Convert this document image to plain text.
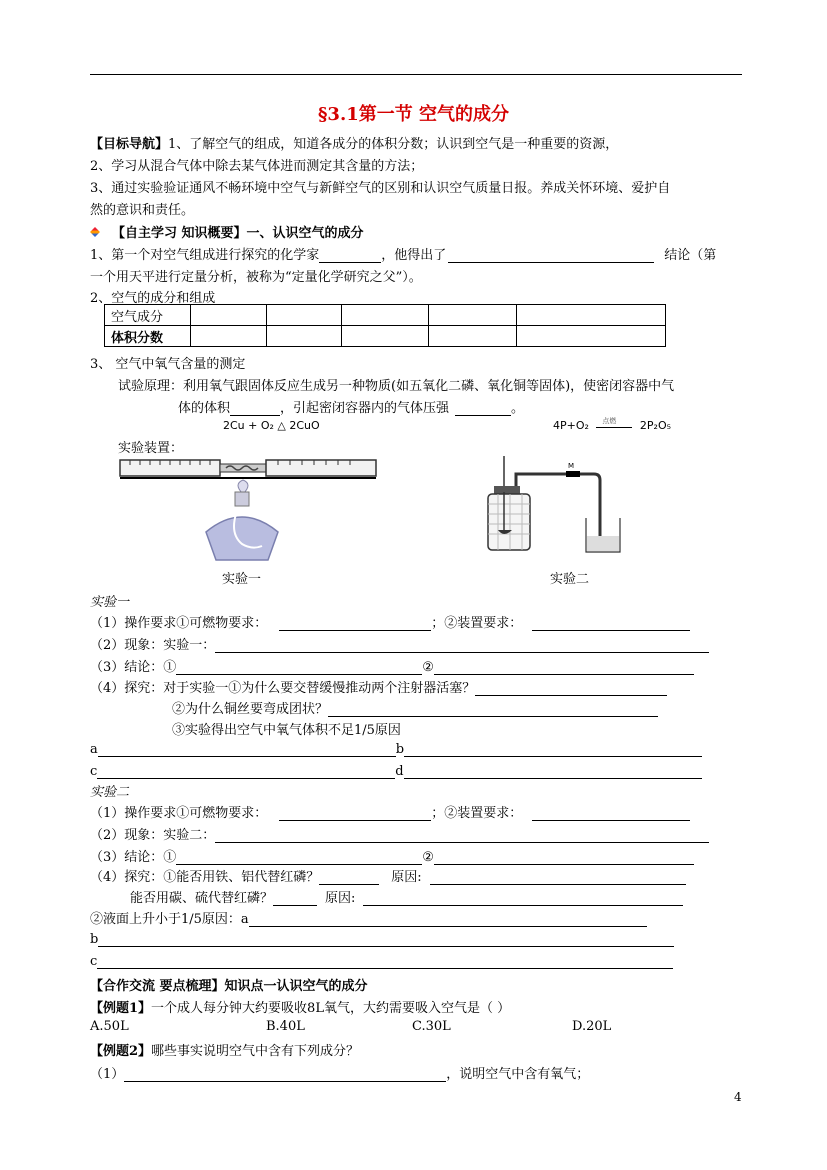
§3.1第一节 空气的成分
【目标导航】1、了解空气的组成，知道各成分的体积分数；认识到空气是一种重要的资源，
2、学习从混合气体中除去某气体进而测定其含量的方法；
3、通过实验验证通风不畅环境中空气与新鲜空气的区别和认识空气质量日报。养成关怀环境、爱护自
然的意识和责任。
【自主学习 知识概要】一、认识空气的成分
1、第一个对空气组成进行探究的化学家	，他得出了	结论（第
一个用天平进行定量分析，被称为“定量化学研究之父”）。
2、空气的成分和组成
空气成分					
体积分数					
3、 空气中氧气含量的测定
试验原理：利用氧气跟固体反应生成另一种物质(如五氧化二磷、氧化铜等固体)，使密闭容器中气
体的体积	，引起密闭容器内的气体压强	。
2Cu + O₂ △ 2CuO	4P+O₂ 点燃 2P₂O₅
实验装置：
M
实验一	实验二
实验一
（1）操作要求①可燃物要求：	；②装置要求：
（2）现象：实验一：
（3）结论：①	②
（4）探究：对于实验一①为什么要交替缓慢推动两个注射器活塞？
②为什么铜丝要弯成团状？
③实验得出空气中氧气体积不足1/5原因
a	b
c	d
实验二
（1）操作要求①可燃物要求：	；②装置要求：
（2）现象：实验二：
（3）结论：①	②
（4）探究：①能否用铁、铝代替红磷？	原因:
能否用碳、硫代替红磷？	原因:
②液面上升小于1/5原因：a
b
c
【合作交流 要点梳理】知识点一认识空气的成分
【例题1】一个成人每分钟大约要吸收8L氧气，大约需要吸入空气是（ ）
A.50L	B.40L	C.30L	D.20L
【例题2】哪些事实说明空气中含有下列成分？
（1）	，说明空气中含有氧气；
4
